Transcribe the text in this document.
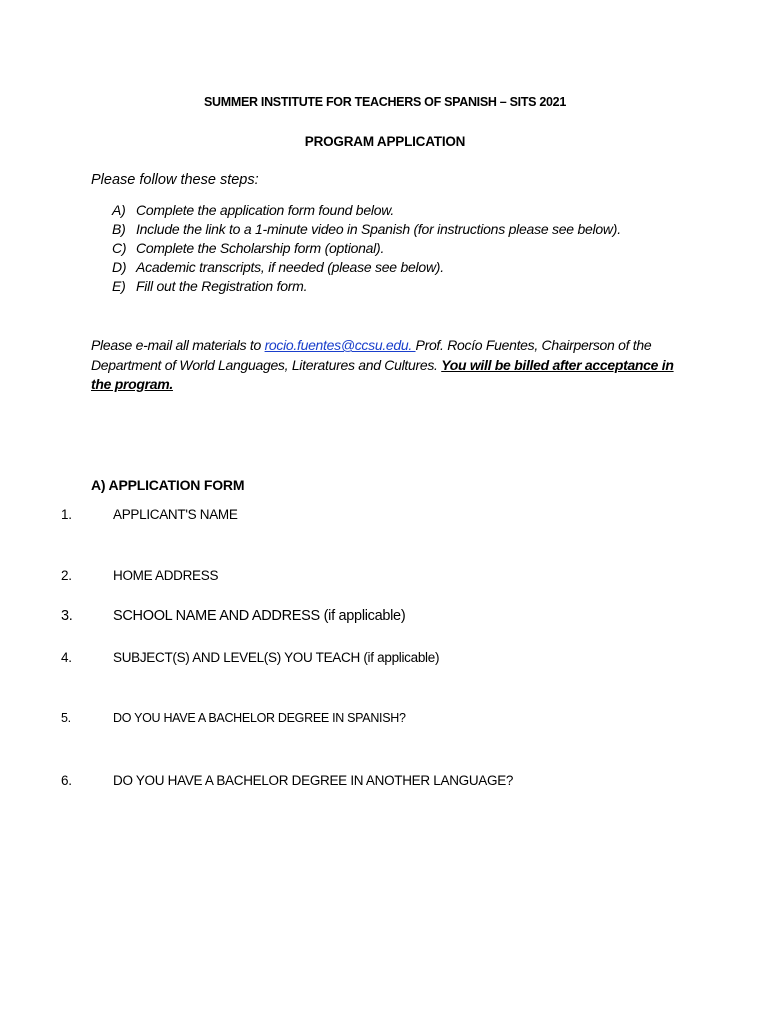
SUMMER INSTITUTE FOR TEACHERS OF SPANISH – SITS 2021
PROGRAM APPLICATION
Please follow these steps:
A) Complete the application form found below.
B) Include the link to a 1-minute video in Spanish (for instructions please see below).
C) Complete the Scholarship form (optional).
D) Academic transcripts, if needed (please see below).
E) Fill out the Registration form.
Please e-mail all materials to rocio.fuentes@ccsu.edu. Prof. Rocío Fuentes, Chairperson of the Department of World Languages, Literatures and Cultures. You will be billed after acceptance in the program.
A) APPLICATION FORM
1.	APPLICANT'S NAME
2.	HOME ADDRESS
3.	SCHOOL NAME AND ADDRESS (if applicable)
4.	SUBJECT(S) AND LEVEL(S) YOU TEACH (if applicable)
5.	DO YOU HAVE A BACHELOR DEGREE IN SPANISH?
6.	DO YOU HAVE A BACHELOR DEGREE IN ANOTHER LANGUAGE?
